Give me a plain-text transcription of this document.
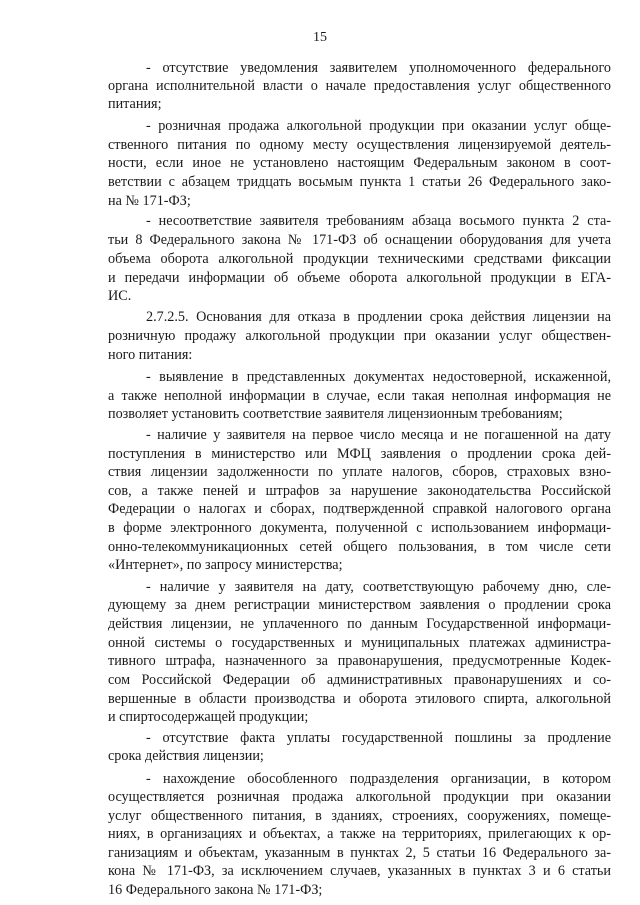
15
- отсутствие уведомления заявителем уполномоченного федерального
органа исполнительной власти о начале предоставления услуг общественного
питания;
- розничная продажа алкогольной продукции при оказании услуг обще-
ственного питания по одному месту осуществления лицензируемой деятель-
ности, если иное не установлено настоящим Федеральным законом в соот-
ветствии с абзацем тридцать восьмым пункта 1 статьи 26 Федерального зако-
на № 171-ФЗ;
- несоответствие заявителя требованиям абзаца восьмого пункта 2 ста-
тьи 8 Федерального закона № 171-ФЗ об оснащении оборудования для учета
объема оборота алкогольной продукции техническими средствами фиксации
и передачи информации об объеме оборота алкогольной продукции в ЕГА-
ИС.
2.7.2.5. Основания для отказа в продлении срока действия лицензии на
розничную продажу алкогольной продукции при оказании услуг обществен-
ного питания:
- выявление в представленных документах недостоверной, искаженной,
а также неполной информации в случае, если такая неполная информация не
позволяет установить соответствие заявителя лицензионным требованиям;
- наличие у заявителя на первое число месяца и не погашенной на дату
поступления в министерство или МФЦ заявления о продлении срока дей-
ствия лицензии задолженности по уплате налогов, сборов, страховых взно-
сов, а также пеней и штрафов за нарушение законодательства Российской
Федерации о налогах и сборах, подтвержденной справкой налогового органа
в форме электронного документа, полученной с использованием информаци-
онно-телекоммуникационных сетей общего пользования, в том числе сети
«Интернет», по запросу министерства;
- наличие у заявителя на дату, соответствующую рабочему дню, сле-
дующему за днем регистрации министерством заявления о продлении срока
действия лицензии, не уплаченного по данным Государственной информаци-
онной системы о государственных и муниципальных платежах администра-
тивного штрафа, назначенного за правонарушения, предусмотренные Кодек-
сом Российской Федерации об административных правонарушениях и со-
вершенные в области производства и оборота этилового спирта, алкогольной
и спиртосодержащей продукции;
- отсутствие факта уплаты государственной пошлины за продление
срока действия лицензии;
- нахождение обособленного подразделения организации, в котором
осуществляется розничная продажа алкогольной продукции при оказании
услуг общественного питания, в зданиях, строениях, сооружениях, помеще-
ниях, в организациях и объектах, а также на территориях, прилегающих к ор-
ганизациям и объектам, указанным в пунктах 2, 5 статьи 16 Федерального за-
кона № 171-ФЗ, за исключением случаев, указанных в пунктах 3 и 6 статьи
16 Федерального закона № 171-ФЗ;
